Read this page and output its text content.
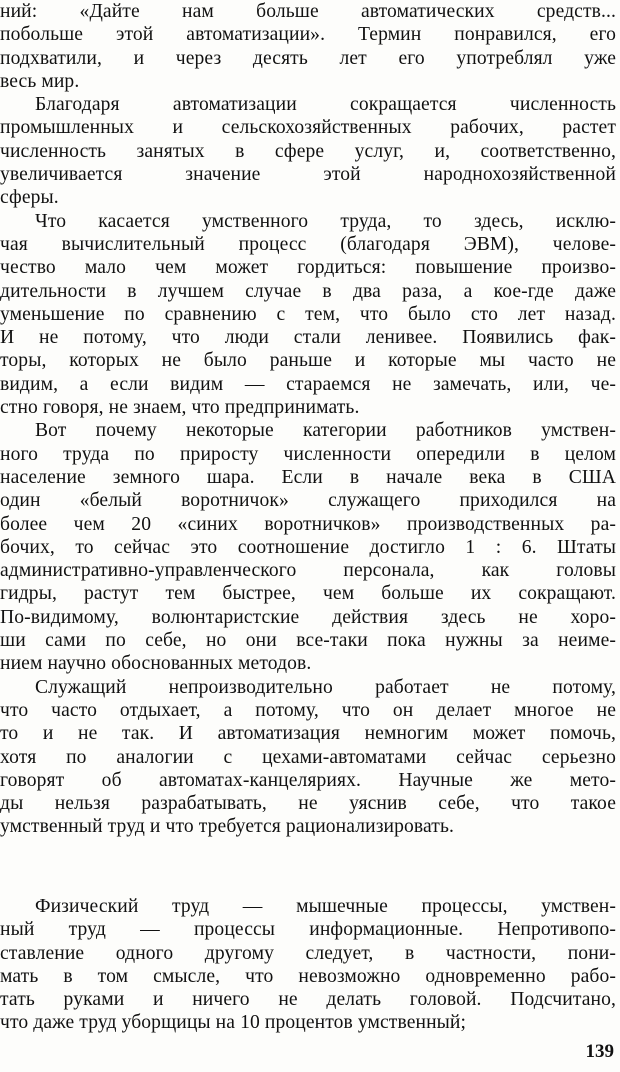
ний: «Дайте нам больше автоматических средств...
побольше этой автоматизации». Термин понравился, его
подхватили, и через десять лет его употреблял уже
весь мир.
Благодаря автоматизации сокращается численность
промышленных и сельскохозяйственных рабочих, растет
численность занятых в сфере услуг, и, соответственно,
увеличивается значение этой народнохозяйственной
сферы.
Что касается умственного труда, то здесь, исклю-
чая вычислительный процесс (благодаря ЭВМ), челове-
чество мало чем может гордиться: повышение произво-
дительности в лучшем случае в два раза, а кое-где даже
уменьшение по сравнению с тем, что было сто лет назад.
И не потому, что люди стали ленивее. Появились фак-
торы, которых не было раньше и которые мы часто не
видим, а если видим — стараемся не замечать, или, че-
стно говоря, не знаем, что предпринимать.
Вот почему некоторые категории работников умствен-
ного труда по приросту численности опередили в целом
население земного шара. Если в начале века в США
один «белый воротничок» служащего приходился на
более чем 20 «синих воротничков» производственных ра-
бочих, то сейчас это соотношение достигло 1 : 6. Штаты
административно-управленческого персонала, как головы
гидры, растут тем быстрее, чем больше их сокращают.
По-видимому, волюнтаристские действия здесь не хоро-
ши сами по себе, но они все-таки пока нужны за неиме-
нием научно обоснованных методов.
Служащий непроизводительно работает не потому,
что часто отдыхает, а потому, что он делает многое не
то и не так. И автоматизация немногим может помочь,
хотя по аналогии с цехами-автоматами сейчас серьезно
говорят об автоматах-канцеляриях. Научные же мето-
ды нельзя разрабатывать, не уяснив себе, что такое
умственный труд и что требуется рационализировать.
Физический труд — мышечные процессы, умствен-
ный труд — процессы информационные. Непротивопо-
ставление одного другому следует, в частности, пони-
мать в том смысле, что невозможно одновременно рабо-
тать руками и ничего не делать головой. Подсчитано,
что даже труд уборщицы на 10 процентов умственный;
139
